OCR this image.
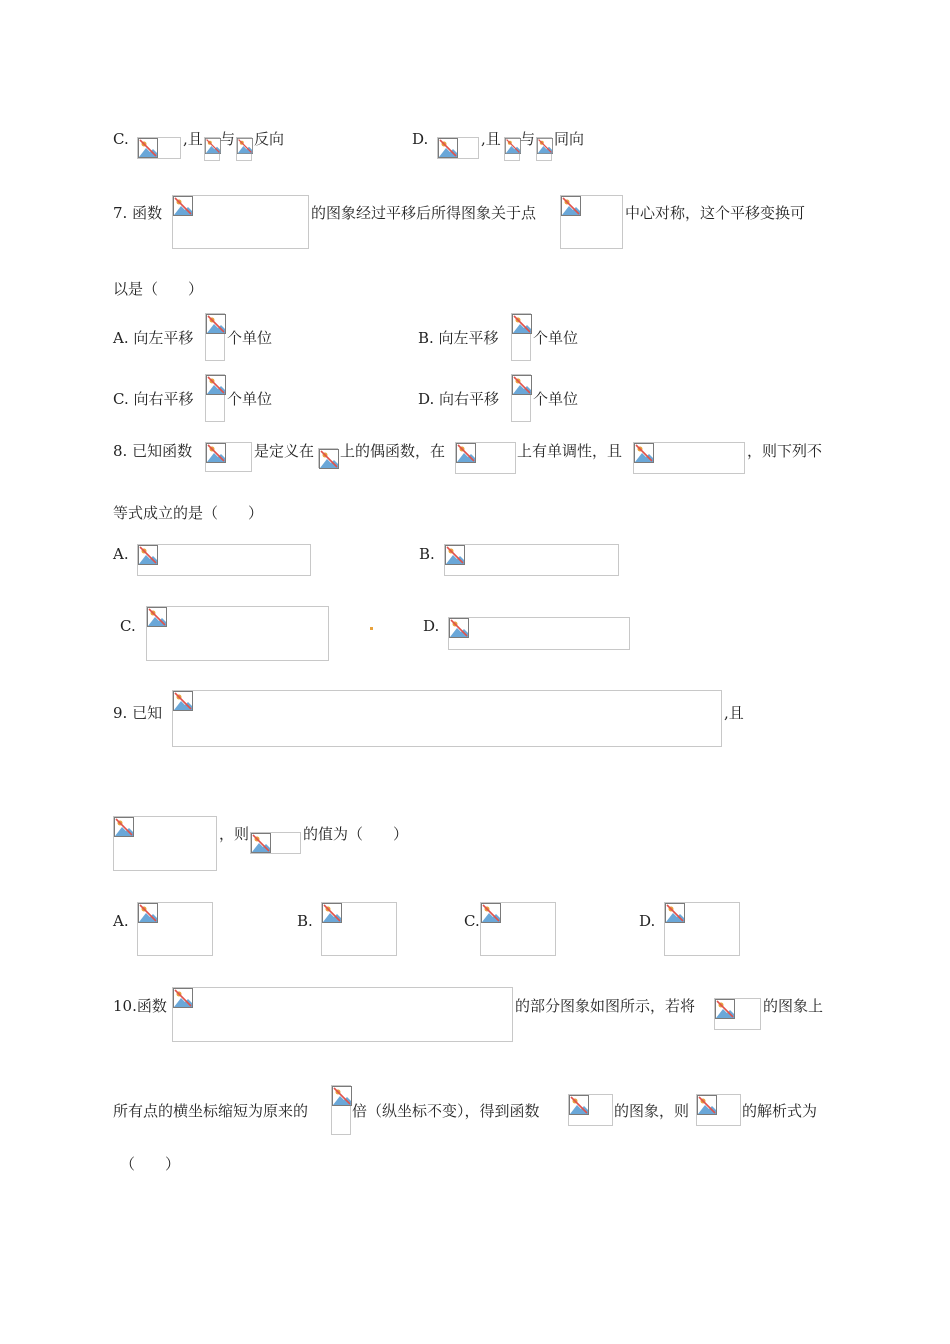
C.	,且 与 反向	D.	,且 与 同向
7. 函数	的图象经过平移后所得图象关于点	中心对称，这个平移变换可
以是（　　）
A. 向左平移 个单位	B. 向左平移 个单位
C. 向右平移 个单位	D. 向右平移 个单位
8. 已知函数	是定义在 上的偶函数，在	上有单调性，且	，则下列不
等式成立的是（　　）
A.	B.
C.	D.
9. 已知	,且
，则	的值为（　　）
A.	B.	C.	D.
10.函数	的部分图象如图所示，若将	的图象上
所有点的横坐标缩短为原来的	倍（纵坐标不变），得到函数	的图象，则	的解析式为
（　　）
